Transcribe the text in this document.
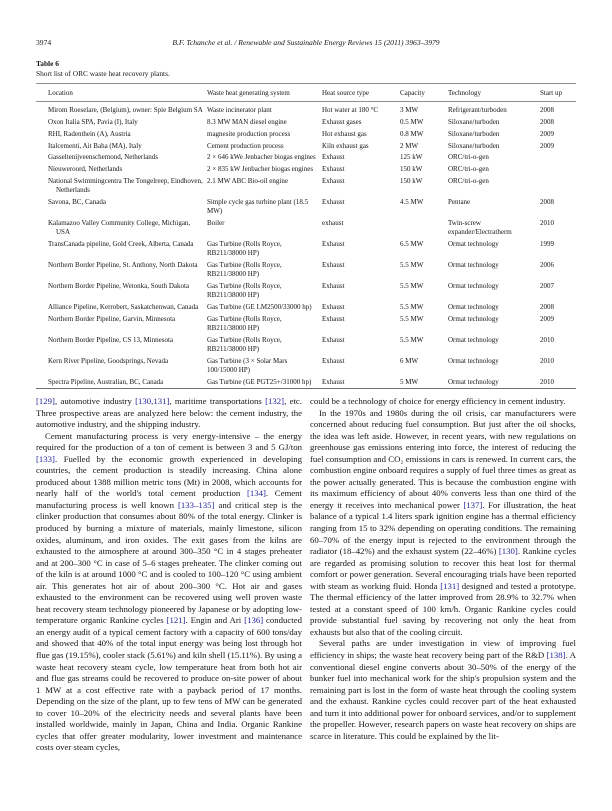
3974	B.F. Tchanche et al. / Renewable and Sustainable Energy Reviews 15 (2011) 3963–3979
Table 6
Short list of ORC waste heat recovery plants.
Location	Waste heat generating system	Heat source type	Capacity	Technology	Start up
Mirom Roeselare, (Belgium), owner: Spie Belgium SA	Waste incinerator plant	Hot water at 180 °C	3 MW	Refrigerant/turboden	2008
Oxon Italia SPA, Pavia (I), Italy	8.3 MW MAN diesel engine	Exhaust gases	0.5 MW	Siloxane/turboden	2008
RHI, Radenthein (A), Austria	magnesite production process	Hot exhaust gas	0.8 MW	Siloxane/turboden	2009
Italcementi, Ait Baha (MA), Italy	Cement production process	Kiln exhaust gas	2 MW	Siloxane/turboden	2009
Gasseltenijveenschemond, Netherlands	2 × 646 kWe Jenbacher biogas engines	Exhaust	125 kW	ORC/tri-o-gen	
Nieuweroord, Netherlands	2 × 835 kW Jenbacher biogas engines	Exhaust	150 kW	ORC/tri-o-gen	
National Swimmingcentra The Tongelreep, Eindhoven, Netherlands	2.1 MW ABC Bio-oil engine	Exhaust	150 kW	ORC/tri-o-gen	
Savona, BC, Canada	Simple cycle gas turbine plant (18.5 MW)	Exhaust	4.5 MW	Pentane	2008
Kalamazoo Valley Community College, Michigan, USA	Boiler	exhaust		Twin-screw expander/Electratherm	2010
TransCanada pipeline, Gold Creek, Alberta, Canada	Gas Turbine (Rolls Royce, RB211/38000 HP)	Exhaust	6.5 MW	Ormat technology	1999
Northern Border Pipeline, St. Anthony, North Dakota	Gas Turbine (Rolls Royce, RB211/38000 HP)	Exhaust	5.5 MW	Ormat technology	2006
Northern Border Pipeline, Wetonka, South Dakota	Gas Turbine (Rolls Royce, RB211/38000 HP)	Exhaust	5.5 MW	Ormat technology	2007
Alliance Pipeline, Kerrobert, Saskatchenwan, Canada	Gas Turbine (GE LM2500/33000 hp)	Exhaust	5.5 MW	Ormat technology	2008
Northern Border Pipeline, Garvin, Minnesota	Gas Turbine (Rolls Royce, RB211/38000 HP)	Exhaust	5.5 MW	Ormat technology	2009
Northern Border Pipeline, CS 13, Minnesota	Gas Turbine (Rolls Royce, RB211/38000 HP)	Exhaust	5.5 MW	Ormat technology	2010
Kern River Pipeline, Goodsprings, Nevada	Gas Turbine (3 × Solar Mars 100/15000 HP)	Exhaust	6 MW	Ormat technology	2010
Spectra Pipeline, Australian, BC, Canada	Gas Turbine (GE PGT25+/31000 hp)	Exhaust	5 MW	Ormat technology	2010

[129], automotive industry [130,131], maritime transportations [132], etc. Three prospective areas are analyzed here below: the cement industry, the automotive industry, and the shipping industry.

Cement manufacturing process is very energy-intensive – the energy required for the production of a ton of cement is between 3 and 5 GJ/ton [133]. Fuelled by the economic growth experienced in developing countries, the cement production is steadily increasing. China alone produced about 1388 million metric tons (Mt) in 2008, which accounts for nearly half of the world's total cement production [134]. Cement manufacturing process is well known [133–135] and critical step is the clinker production that consumes about 80% of the total energy. Clinker is produced by burning a mixture of materials, mainly limestone, silicon oxides, aluminum, and iron oxides. The exit gases from the kilns are exhausted to the atmosphere at around 300–350 °C in 4 stages preheater and at 200–300 °C in case of 5–6 stages preheater. The clinker coming out of the kiln is at around 1000 °C and is cooled to 100–120 °C using ambient air. This generates hot air of about 200–300 °C. Hot air and gases exhausted to the environment can be recovered using well proven waste heat recovery steam technology pioneered by Japanese or by adopting low-temperature organic Rankine cycles [121]. Engin and Ari [136] conducted an energy audit of a typical cement factory with a capacity of 600 tons/day and showed that 40% of the total input energy was being lost through hot flue gas (19.15%), cooler stack (5.61%) and kiln shell (15.11%). By using a waste heat recovery steam cycle, low temperature heat from both hot air and flue gas streams could be recovered to produce on-site power of about 1 MW at a cost effective rate with a payback period of 17 months. Depending on the size of the plant, up to few tens of MW can be generated to cover 10–20% of the electricity needs and several plants have been installed worldwide, mainly in Japan, China and India. Organic Rankine cycles that offer greater modularity, lower investment and maintenance costs over steam cycles,

could be a technology of choice for energy efficiency in cement industry.

In the 1970s and 1980s during the oil crisis, car manufacturers were concerned about reducing fuel consumption. But just after the oil shocks, the idea was left aside. However, in recent years, with new regulations on greenhouse gas emissions entering into force, the interest of reducing the fuel consumption and CO₂ emissions in cars is renewed. In current cars, the combustion engine onboard requires a supply of fuel three times as great as the power actually generated. This is because the combustion engine with its maximum efficiency of about 40% converts less than one third of the energy it receives into mechanical power [137]. For illustration, the heat balance of a typical 1.4 liters spark ignition engine has a thermal efficiency ranging from 15 to 32% depending on operating conditions. The remaining 60–70% of the energy input is rejected to the environment through the radiator (18–42%) and the exhaust system (22–46%) [130]. Rankine cycles are regarded as promising solution to recover this heat lost for thermal comfort or power generation. Several encouraging trials have been reported with steam as working fluid. Honda [131] designed and tested a prototype. The thermal efficiency of the latter improved from 28.9% to 32.7% when tested at a constant speed of 100 km/h. Organic Rankine cycles could provide substantial fuel saving by recovering not only the heat from exhausts but also that of the cooling circuit.

Several paths are under investigation in view of improving fuel efficiency in ships; the waste heat recovery being part of the R&D [138]. A conventional diesel engine converts about 30–50% of the energy of the bunker fuel into mechanical work for the ship's propulsion system and the remaining part is lost in the form of waste heat through the cooling system and the exhaust. Rankine cycles could recover part of the heat exhausted and turn it into additional power for onboard services, and/or to supplement the propeller. However, research papers on waste heat recovery on ships are scarce in literature. This could be explained by the lit-
